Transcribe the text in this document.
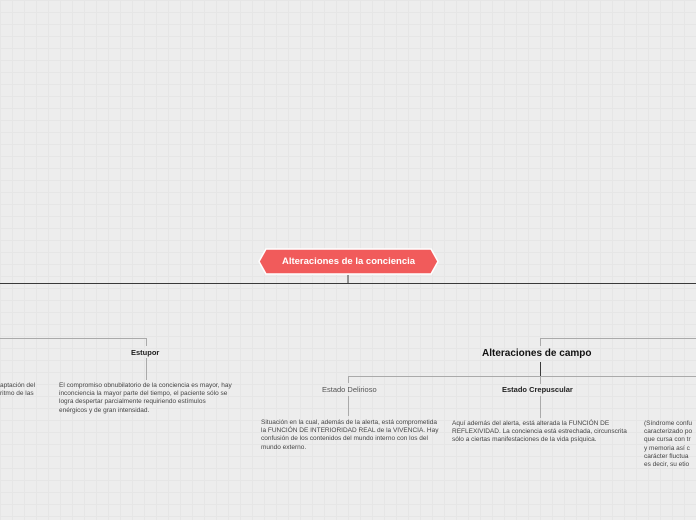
Alteraciones de la conciencia
Estupor
El compromiso obnubilatorio de la conciencia es mayor, hay inconciencia la mayor parte del tiempo, el paciente sólo se logra despertar parcialmente requiriendo estímulos enérgicos y de gran intensidad.
aptación del
ritmo de las
Alteraciones de campo
Estado Delirioso
Situación en la cual, además de la alerta, está comprometida la FUNCIÓN DE INTERIORIDAD REAL de la VIVENCIA. Hay confusión de los contenidos del mundo interno con los del mundo externo.
Estado Crepuscular
Aquí además del alerta, está alterada la FUNCIÓN DE REFLEXIVIDAD. La conciencia está estrechada, circunscrita sólo a ciertas manifestaciones de la vida psíquica.
(Síndrome confu
caracterizado po
que cursa con tr
y memoria así c
carácter fluctua
es decir, su etio
